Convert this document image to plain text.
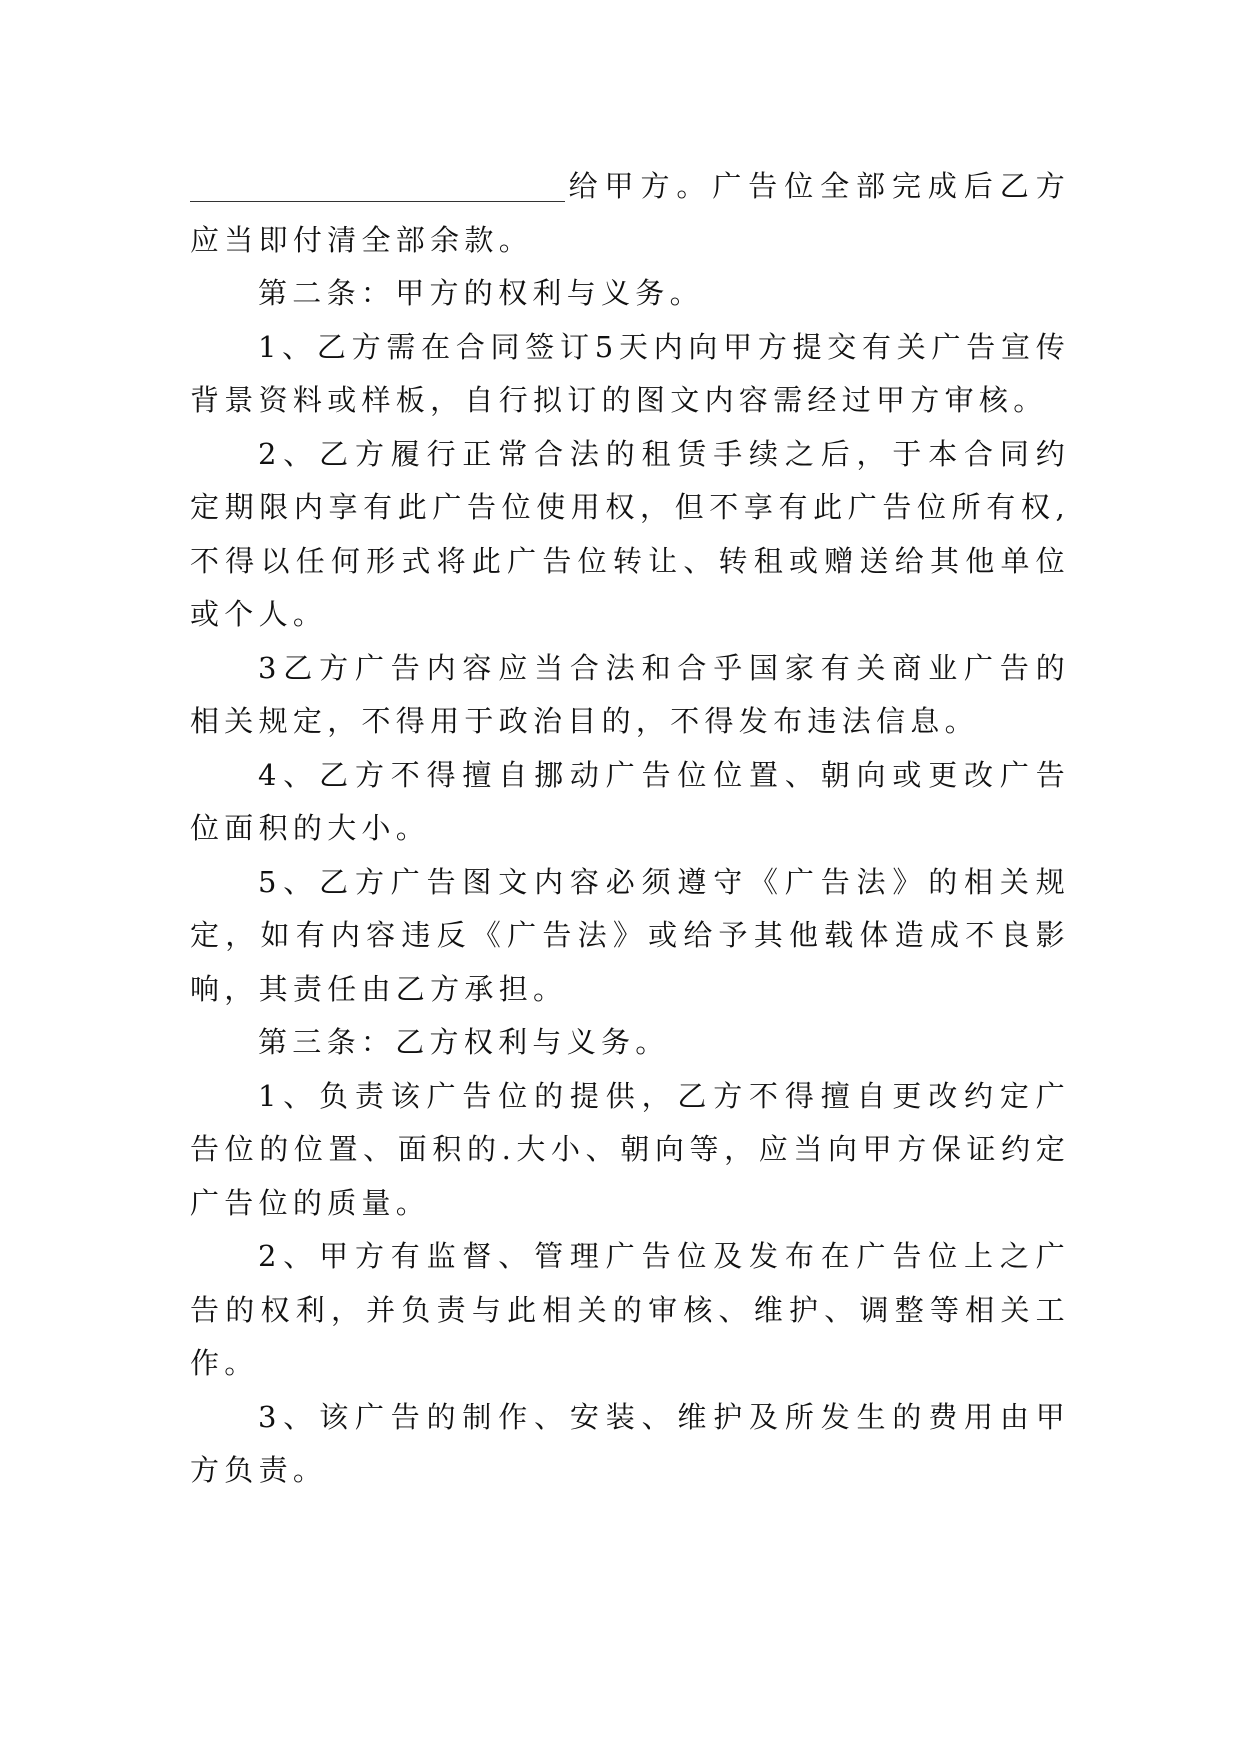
给甲方。广告位全部完成后乙方应当即付清全部余款。

第二条：甲方的权利与义务。

1、乙方需在合同签订5天内向甲方提交有关广告宣传背景资料或样板，自行拟订的图文内容需经过甲方审核。

2、乙方履行正常合法的租赁手续之后，于本合同约定期限内享有此广告位使用权，但不享有此广告位所有权,不得以任何形式将此广告位转让、转租或赠送给其他单位或个人。

3乙方广告内容应当合法和合乎国家有关商业广告的相关规定，不得用于政治目的，不得发布违法信息。

4、乙方不得擅自挪动广告位位置、朝向或更改广告位面积的大小。

5、乙方广告图文内容必须遵守《广告法》的相关规定，如有内容违反《广告法》或给予其他载体造成不良影响，其责任由乙方承担。

第三条：乙方权利与义务。

1、负责该广告位的提供，乙方不得擅自更改约定广告位的位置、面积的.大小、朝向等，应当向甲方保证约定广告位的质量。

2、甲方有监督、管理广告位及发布在广告位上之广告的权利，并负责与此相关的审核、维护、调整等相关工作。

3、该广告的制作、安装、维护及所发生的费用由甲方负责。
